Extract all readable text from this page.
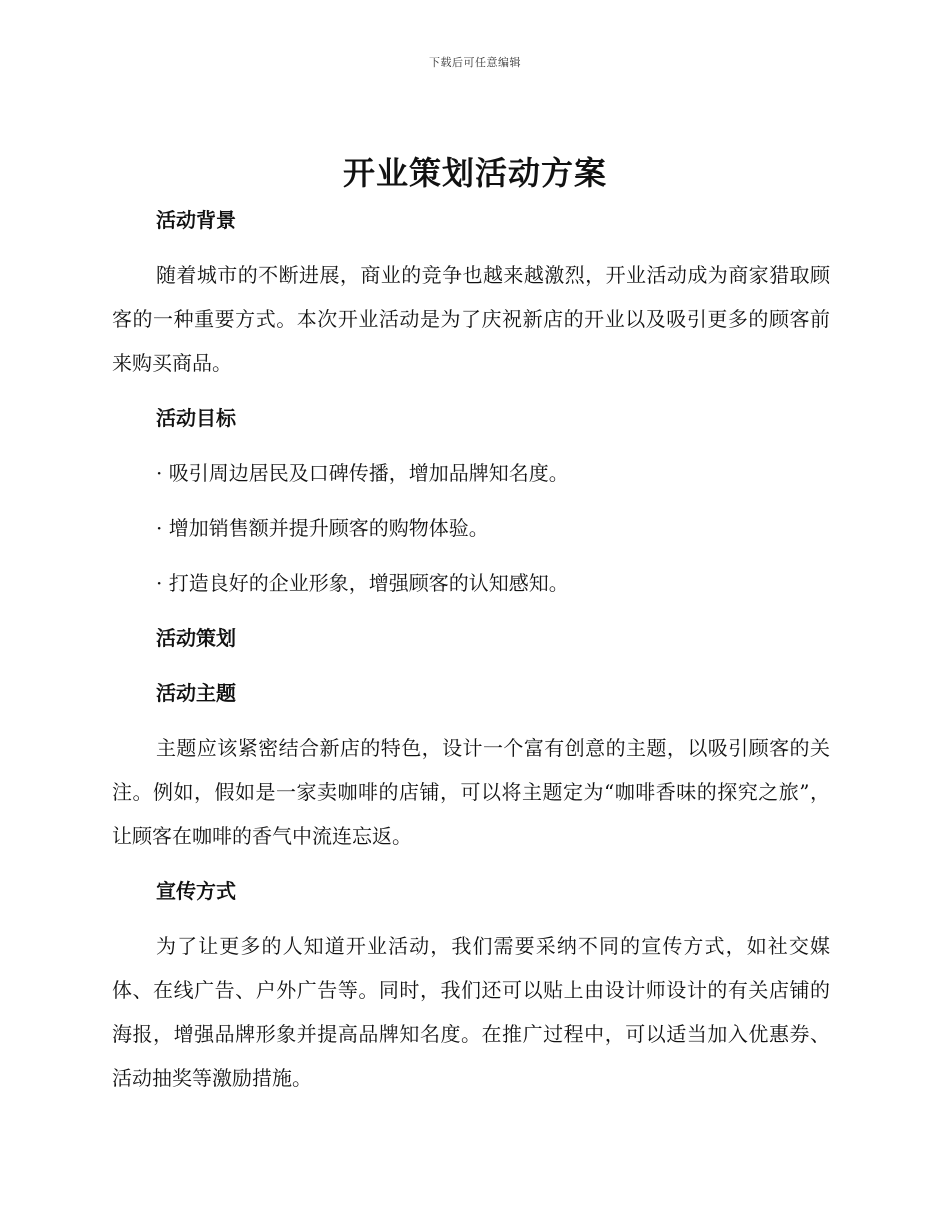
下载后可任意编辑
开业策划活动方案
活动背景

随着城市的不断进展，商业的竞争也越来越激烈，开业活动成为商家猎取顾客的一种重要方式。本次开业活动是为了庆祝新店的开业以及吸引更多的顾客前来购买商品。

活动目标

· 吸引周边居民及口碑传播，增加品牌知名度。

· 增加销售额并提升顾客的购物体验。

· 打造良好的企业形象，增强顾客的认知感知。

活动策划
活动主题

主题应该紧密结合新店的特色，设计一个富有创意的主题，以吸引顾客的关注。例如，假如是一家卖咖啡的店铺，可以将主题定为“咖啡香味的探究之旅”，让顾客在咖啡的香气中流连忘返。

宣传方式

为了让更多的人知道开业活动，我们需要采纳不同的宣传方式，如社交媒体、在线广告、户外广告等。同时，我们还可以贴上由设计师设计的有关店铺的海报，增强品牌形象并提高品牌知名度。在推广过程中，可以适当加入优惠券、活动抽奖等激励措施。
